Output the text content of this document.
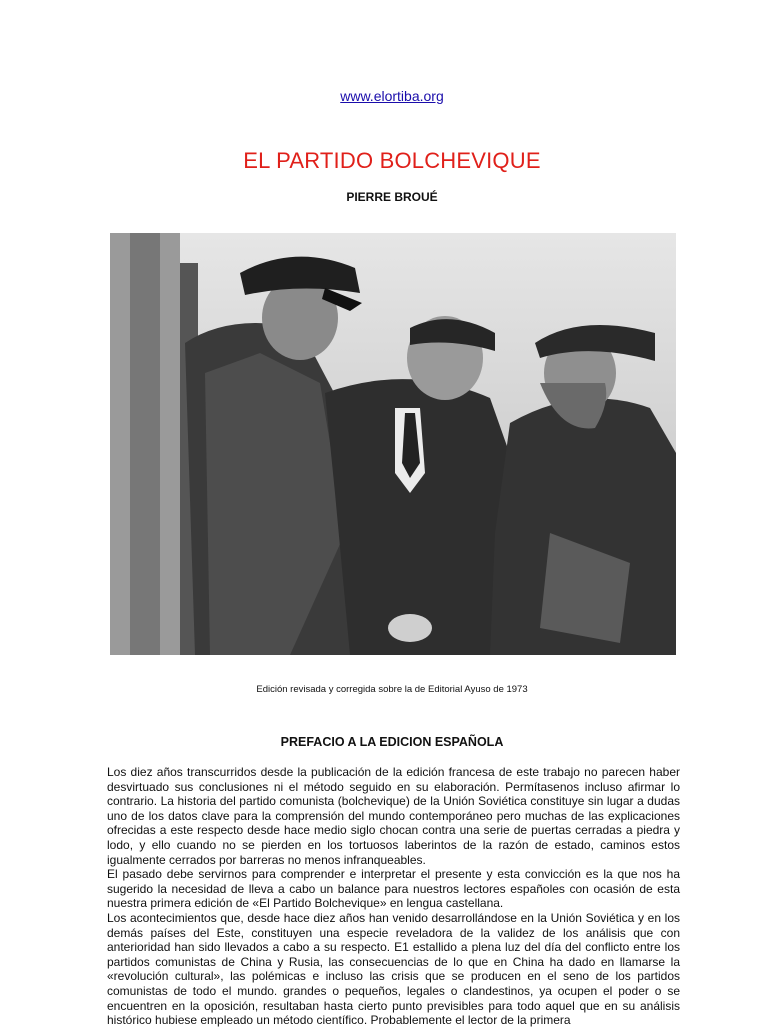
www.elortiba.org
EL PARTIDO BOLCHEVIQUE
PIERRE BROUÉ
Edición revisada y corregida sobre la de Editorial Ayuso de 1973
PREFACIO A LA EDICION ESPAÑOLA

Los diez años transcurridos desde la publicación de la edición francesa de este trabajo no parecen haber desvirtuado sus conclusiones ni el método seguido en su elaboración. Permítasenos incluso afirmar lo contrario. La historia del partido comunista (bolchevique) de la Unión Soviética constituye sin lugar a dudas uno de los datos clave para la comprensión del mundo contemporáneo pero muchas de las explicaciones ofrecidas a este respecto desde hace medio siglo chocan contra una serie de puertas cerradas a piedra y lodo, y ello cuando no se pierden en los tortuosos laberintos de la razón de estado, caminos estos igualmente cerrados por barreras no menos infranqueables.

El pasado debe servirnos para comprender e interpretar el presente y esta convicción es la que nos ha sugerido la necesidad de lleva a cabo un balance para nuestros lectores españoles con ocasión de esta nuestra primera edición de «El Partido Bolchevique» en lengua castellana.

Los acontecimientos que, desde hace diez años han venido desarrollándose en la Unión Soviética y en los demás países del Este, constituyen una especie reveladora de la validez de los análisis que con anterioridad han sido llevados a cabo a su respecto. E1 estallido a plena luz del día del conflicto entre los partidos comunistas de China y Rusia, las consecuencias de lo que en China ha dado en llamarse la «revolución cultural», las polémicas e incluso las crisis que se producen en el seno de los partidos comunistas de todo el mundo. grandes o pequeños, legales o clandestinos, ya ocupen el poder o se encuentren en la oposición, resultaban hasta cierto punto previsibles para todo aquel que en su análisis histórico hubiese empleado un método científico. Probablemente el lector de la primera
